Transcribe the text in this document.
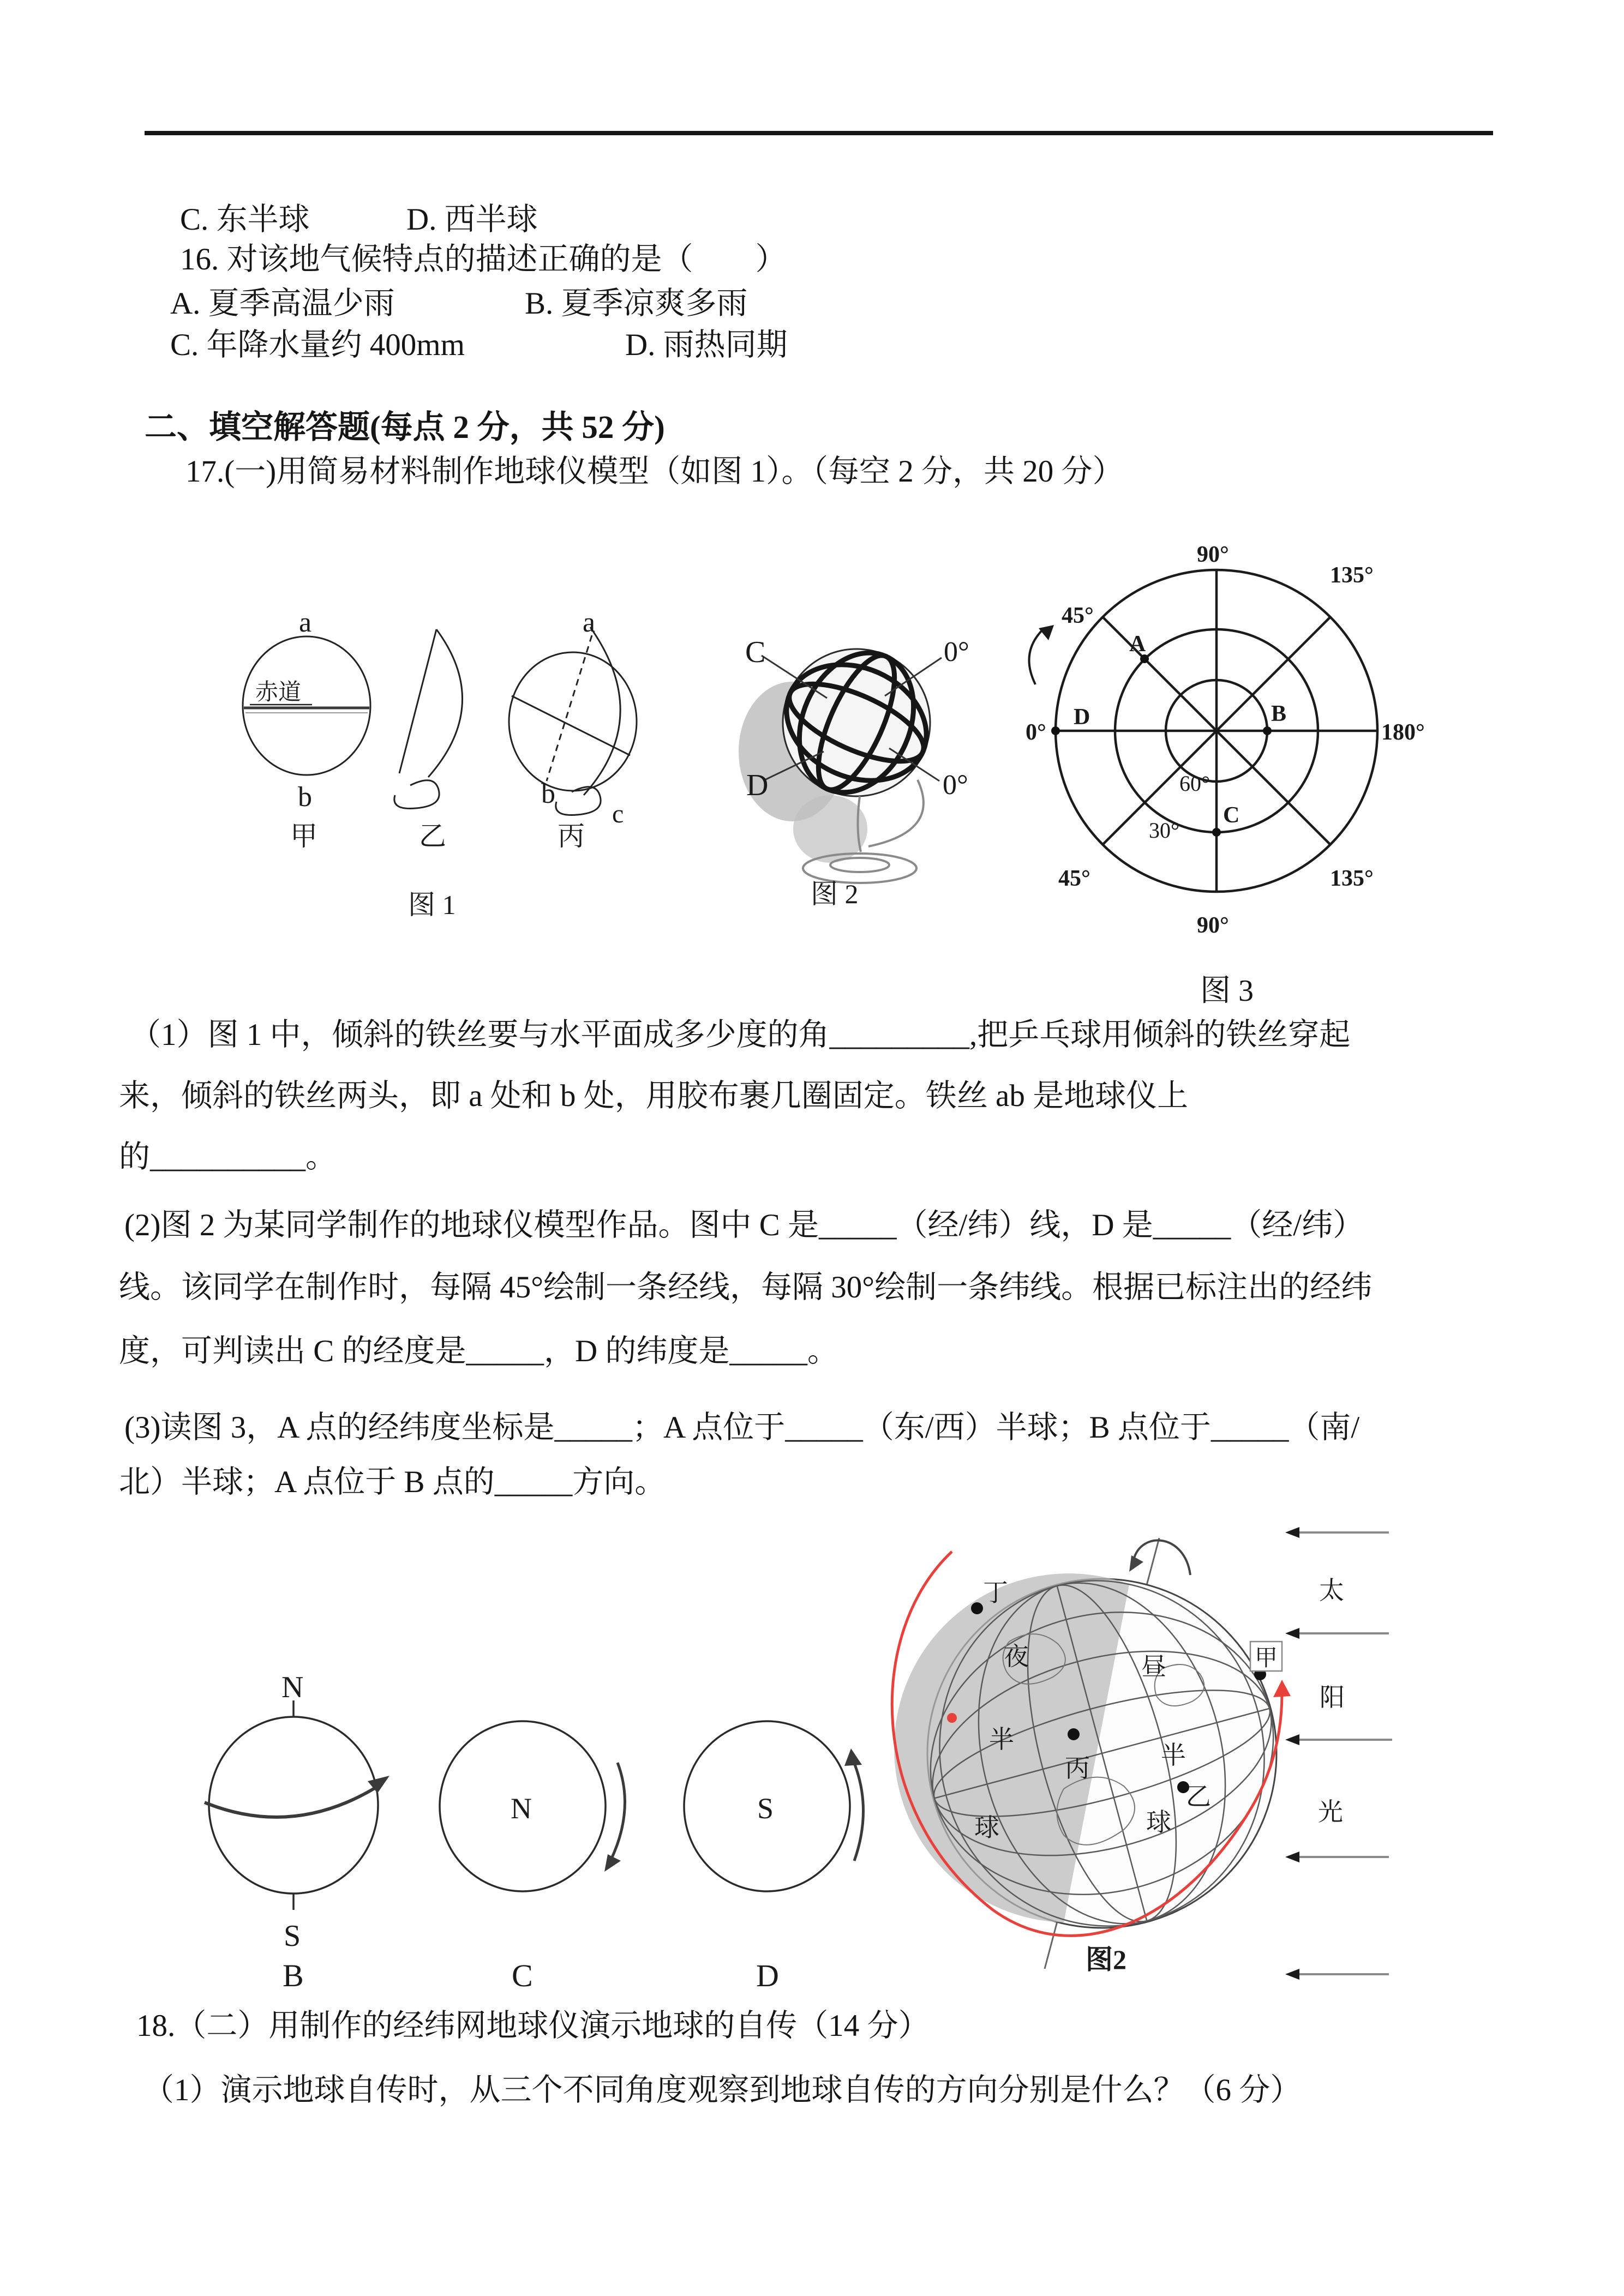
C. 东半球	D. 西半球
16. 对该地气候特点的描述正确的是（        ）
A. 夏季高温少雨	B. 夏季凉爽多雨
C. 年降水量约 400mm	D. 雨热同期
二、填空解答题(每点 2 分，共 52 分)
17.(一)用简易材料制作地球仪模型（如图 1）。（每空 2 分，共 20 分）
a
赤道
b
甲	乙
a
b
c
丙
图 1
C	0°
D	0°
图 2
90°
135°
180°
135°
90°
45°
0°
45°
A
B
C
D
60°
30°
图 3
（1）图 1 中，倾斜的铁丝要与水平面成多少度的角_________,把乒乓球用倾斜的铁丝穿起
来，倾斜的铁丝两头，即 a 处和 b 处，用胶布裹几圈固定。铁丝 ab 是地球仪上
的__________。
(2)图 2 为某同学制作的地球仪模型作品。图中 C 是_____（经/纬）线，D 是_____（经/纬）
线。该同学在制作时，每隔 45°绘制一条经线，每隔 30°绘制一条纬线。根据已标注出的经纬
度，可判读出 C 的经度是_____，D 的纬度是_____。
(3)读图 3，A 点的经纬度坐标是_____；A 点位于_____（东/西）半球；B 点位于_____（南/
北）半球；A 点位于 B 点的_____方向。
N
S
B
N
C
S
D
丁
夜
半
球
丙
昼
半
球
乙
甲
太
阳
光
图2
18.（二）用制作的经纬网地球仪演示地球的自传（14 分）
（1）演示地球自传时，从三个不同角度观察到地球自传的方向分别是什么？（6 分）
